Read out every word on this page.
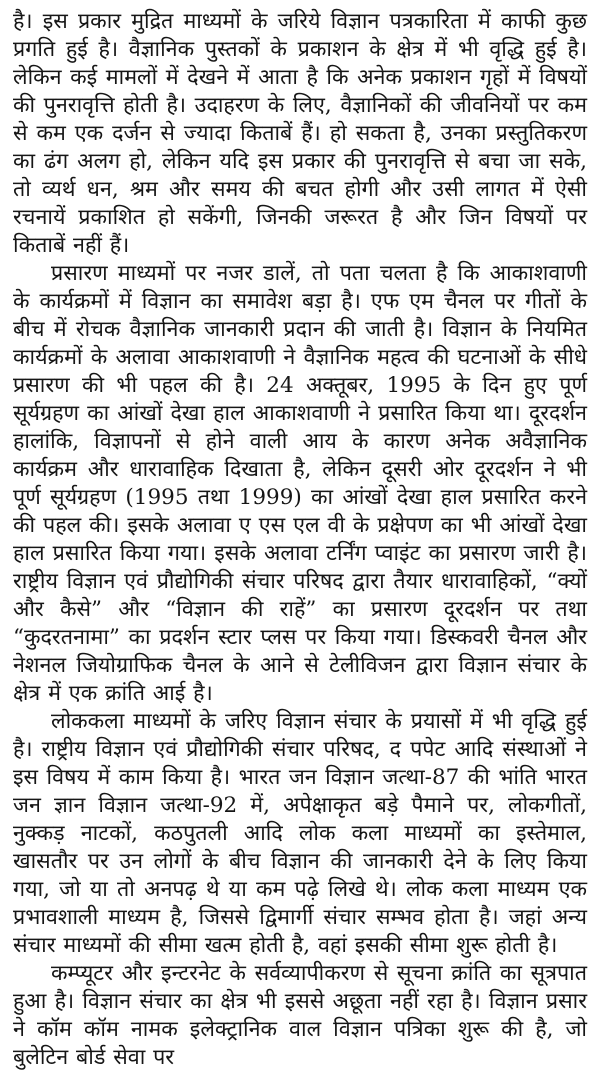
है। इस प्रकार मुद्रित माध्यमों के जरिये विज्ञान पत्रकारिता में काफी कुछ प्रगति हुई है। वैज्ञानिक पुस्तकों के प्रकाशन के क्षेत्र में भी वृद्धि हुई है। लेकिन कई मामलों में देखने में आता है कि अनेक प्रकाशन गृहों में विषयों की पुनरावृत्ति होती है। उदाहरण के लिए, वैज्ञानिकों की जीवनियों पर कम से कम एक दर्जन से ज्यादा किताबें हैं। हो सकता है, उनका प्रस्तुतिकरण का ढंग अलग हो, लेकिन यदि इस प्रकार की पुनरावृत्ति से बचा जा सके, तो व्यर्थ धन, श्रम और समय की बचत होगी और उसी लागत में ऐसी रचनायें प्रकाशित हो सकेंगी, जिनकी जरूरत है और जिन विषयों पर किताबें नहीं हैं।

प्रसारण माध्यमों पर नजर डालें, तो पता चलता है कि आकाशवाणी के कार्यक्रमों में विज्ञान का समावेश बड़ा है। एफ एम चैनल पर गीतों के बीच में रोचक वैज्ञानिक जानकारी प्रदान की जाती है। विज्ञान के नियमित कार्यक्रमों के अलावा आकाशवाणी ने वैज्ञानिक महत्व की घटनाओं के सीधे प्रसारण की भी पहल की है। 24 अक्तूबर, 1995 के दिन हुए पूर्ण सूर्यग्रहण का आंखों देखा हाल आकाशवाणी ने प्रसारित किया था। दूरदर्शन हालांकि, विज्ञापनों से होने वाली आय के कारण अनेक अवैज्ञानिक कार्यक्रम और धारावाहिक दिखाता है, लेकिन दूसरी ओर दूरदर्शन ने भी पूर्ण सूर्यग्रहण (1995 तथा 1999) का आंखों देखा हाल प्रसारित करने की पहल की। इसके अलावा ए एस एल वी के प्रक्षेपण का भी आंखों देखा हाल प्रसारित किया गया। इसके अलावा टर्निंग प्वाइंट का प्रसारण जारी है। राष्ट्रीय विज्ञान एवं प्रौद्योगिकी संचार परिषद द्वारा तैयार धारावाहिकों, “क्यों और कैसे” और “विज्ञान की राहें” का प्रसारण दूरदर्शन पर तथा “कुदरतनामा” का प्रदर्शन स्टार प्लस पर किया गया। डिस्कवरी चैनल और नेशनल जियोग्राफिक चैनल के आने से टेलीविजन द्वारा विज्ञान संचार के क्षेत्र में एक क्रांति आई है।

लोककला माध्यमों के जरिए विज्ञान संचार के प्रयासों में भी वृद्धि हुई है। राष्ट्रीय विज्ञान एवं प्रौद्योगिकी संचार परिषद, द पपेट आदि संस्थाओं ने इस विषय में काम किया है। भारत जन विज्ञान जत्था-87 की भांति भारत जन ज्ञान विज्ञान जत्था-92 में, अपेक्षाकृत बड़े पैमाने पर, लोकगीतों, नुक्कड़ नाटकों, कठपुतली आदि लोक कला माध्यमों का इस्तेमाल, खासतौर पर उन लोगों के बीच विज्ञान की जानकारी देने के लिए किया गया, जो या तो अनपढ़ थे या कम पढ़े लिखे थे। लोक कला माध्यम एक प्रभावशाली माध्यम है, जिससे द्विमार्गी संचार सम्भव होता है। जहां अन्य संचार माध्यमों की सीमा खत्म होती है, वहां इसकी सीमा शुरू होती है।

कम्प्यूटर और इन्टरनेट के सर्वव्यापीकरण से सूचना क्रांति का सूत्रपात हुआ है। विज्ञान संचार का क्षेत्र भी इससे अछूता नहीं रहा है। विज्ञान प्रसार ने कॉम कॉम नामक इलेक्ट्रानिक वाल विज्ञान पत्रिका शुरू की है, जो बुलेटिन बोर्ड सेवा पर
